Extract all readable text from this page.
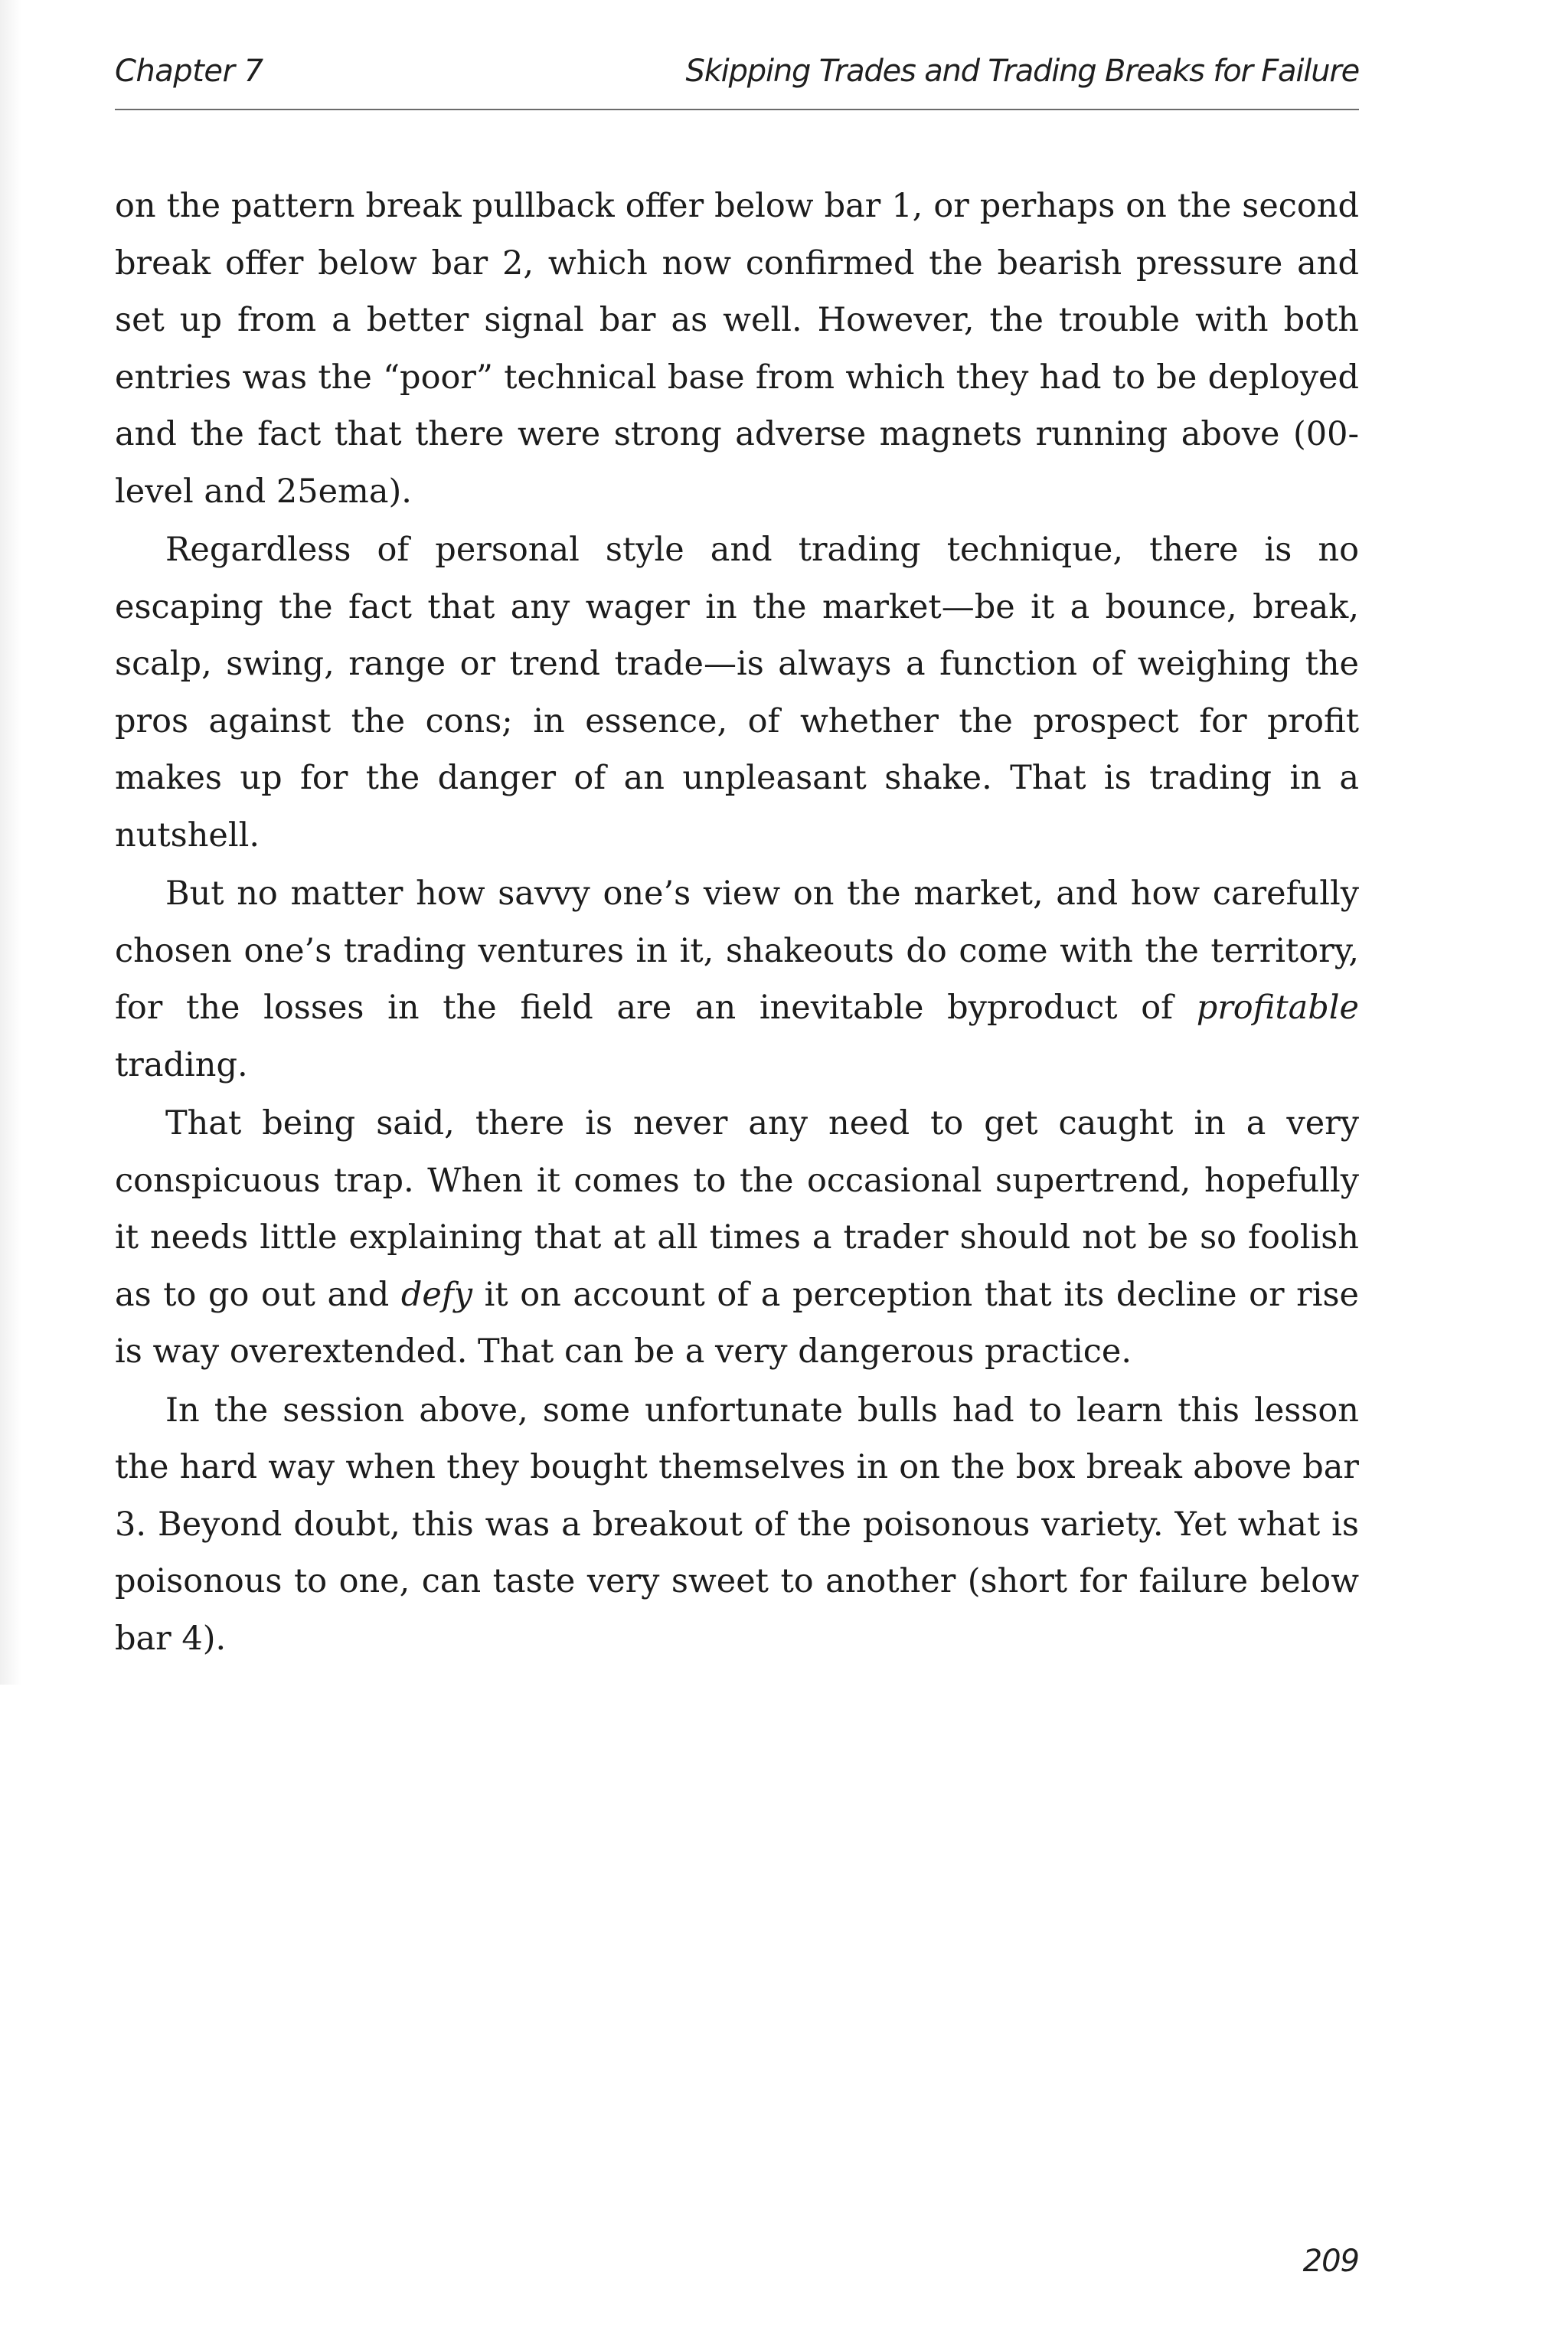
Chapter 7	Skipping Trades and Trading Breaks for Failure

on the pattern break pullback offer below bar 1, or perhaps on the second break offer below bar 2, which now confirmed the bearish pressure and set up from a better signal bar as well. However, the trouble with both entries was the “poor” technical base from which they had to be deployed and the fact that there were strong adverse magnets running above (00-level and 25ema).

Regardless of personal style and trading technique, there is no escaping the fact that any wager in the market—be it a bounce, break, scalp, swing, range or trend trade—is always a function of weighing the pros against the cons; in essence, of whether the prospect for profit makes up for the danger of an unpleasant shake. That is trading in a nutshell.

But no matter how savvy one’s view on the market, and how carefully chosen one’s trading ventures in it, shakeouts do come with the territory, for the losses in the field are an inevitable byproduct of profitable trading.

That being said, there is never any need to get caught in a very conspicuous trap. When it comes to the occasional supertrend, hopefully it needs little explaining that at all times a trader should not be so foolish as to go out and defy it on account of a perception that its decline or rise is way overextended. That can be a very dangerous practice.

In the session above, some unfortunate bulls had to learn this lesson the hard way when they bought themselves in on the box break above bar 3. Beyond doubt, this was a breakout of the poisonous variety. Yet what is poisonous to one, can taste very sweet to another (short for failure below bar 4).

209
